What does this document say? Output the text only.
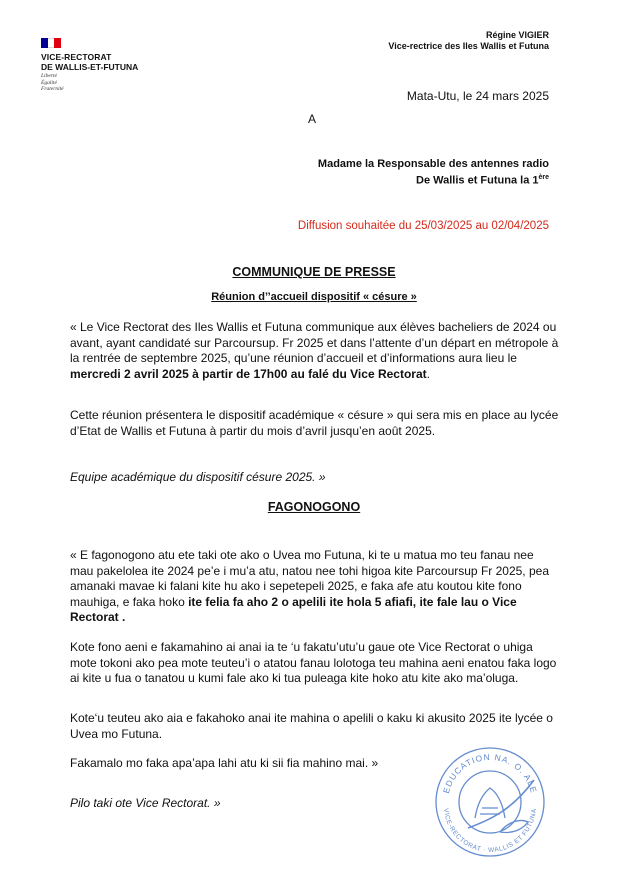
VICE-RECTORAT
DE WALLIS-ET-FUTUNA
Liberté
Égalité
Fraternité
Régine VIGIER
Vice-rectrice des Iles Wallis et Futuna
Mata-Utu, le 24 mars 2025
A
Madame la Responsable des antennes radio
De Wallis et Futuna la 1ère
Diffusion souhaitée du 25/03/2025 au 02/04/2025
COMMUNIQUE DE PRESSE
Réunion d’’accueil dispositif « césure »
« Le Vice Rectorat des Iles Wallis et Futuna communique aux élèves bacheliers de 2024 ou avant, ayant candidaté sur Parcoursup. Fr 2025 et dans l’attente d’un départ en métropole à la rentrée de septembre 2025, qu’une réunion d’accueil et d’informations aura lieu le mercredi 2 avril 2025 à partir de 17h00 au falé du Vice Rectorat.
Cette réunion présentera le dispositif académique « césure » qui sera mis en place au lycée d’Etat de Wallis et Futuna à partir du mois d’avril jusqu’en août 2025.
Equipe académique du dispositif césure 2025. »
FAGONOGONO
« E fagonogono atu ete taki ote ako o Uvea mo Futuna, ki te u matua mo teu fanau nee mau pakelolea ite 2024 pe’e i mu’a atu, natou nee tohi higoa kite Parcoursup Fr 2025, pea amanaki mavae ki falani kite hu ako i sepetepeli 2025, e faka afe atu koutou kite fono mauhiga, e faka hoko ite felia fa aho 2 o apelili ite hola 5 afiafi, ite fale lau o Vice Rectorat .
Kote fono aeni e fakamahino ai anai ia te ‘u fakatu’utu’u gaue ote Vice Rectorat o uhiga mote tokoni ako pea mote teuteu’i o atatou fanau lolotoga teu mahina aeni enatou faka logo ai kite u fua o tanatou u kumi fale ako ki tua puleaga kite hoko atu kite ako ma’oluga.
Kote‘u teuteu ako aia e fakahoko anai ite mahina o apelili o kaku ki akusito 2025 ite lycée o Uvea mo Futuna.
Fakamalo mo faka apa’apa lahi atu ki sii fia mahino mai. »
Pilo taki ote Vice Rectorat. »
EDUCATION NA. O. ALE
VICE-RECTORAT · WALLIS ET FUTUNA
